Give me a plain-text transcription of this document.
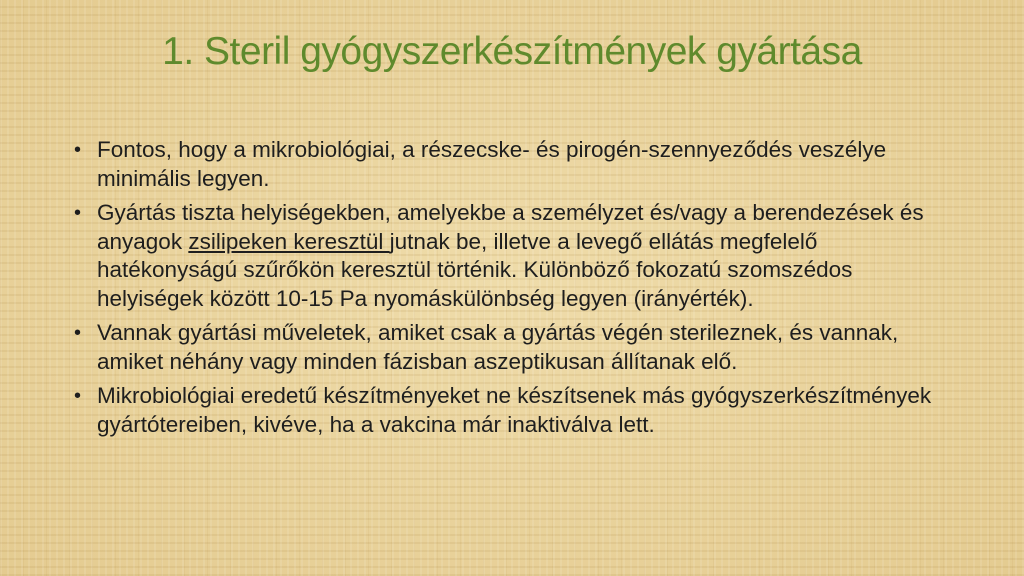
1. Steril gyógyszerkészítmények gyártása
• Fontos, hogy a mikrobiológiai, a részecske- és pirogén-szennyeződés veszélye minimális legyen.
• Gyártás tiszta helyiségekben, amelyekbe a személyzet és/vagy a berendezések és anyagok zsilipeken keresztül jutnak be, illetve a levegő ellátás megfelelő hatékonyságú szűrőkön keresztül történik. Különböző fokozatú szomszédos helyiségek között 10-15 Pa nyomáskülönbség legyen (irányérték).
• Vannak gyártási műveletek, amiket csak a gyártás végén sterileznek, és vannak, amiket néhány vagy minden fázisban aszeptikusan állítanak elő.
• Mikrobiológiai eredetű készítményeket ne készítsenek más gyógyszerkészítmények gyártótereiben, kivéve, ha a vakcina már inaktiválva lett.
